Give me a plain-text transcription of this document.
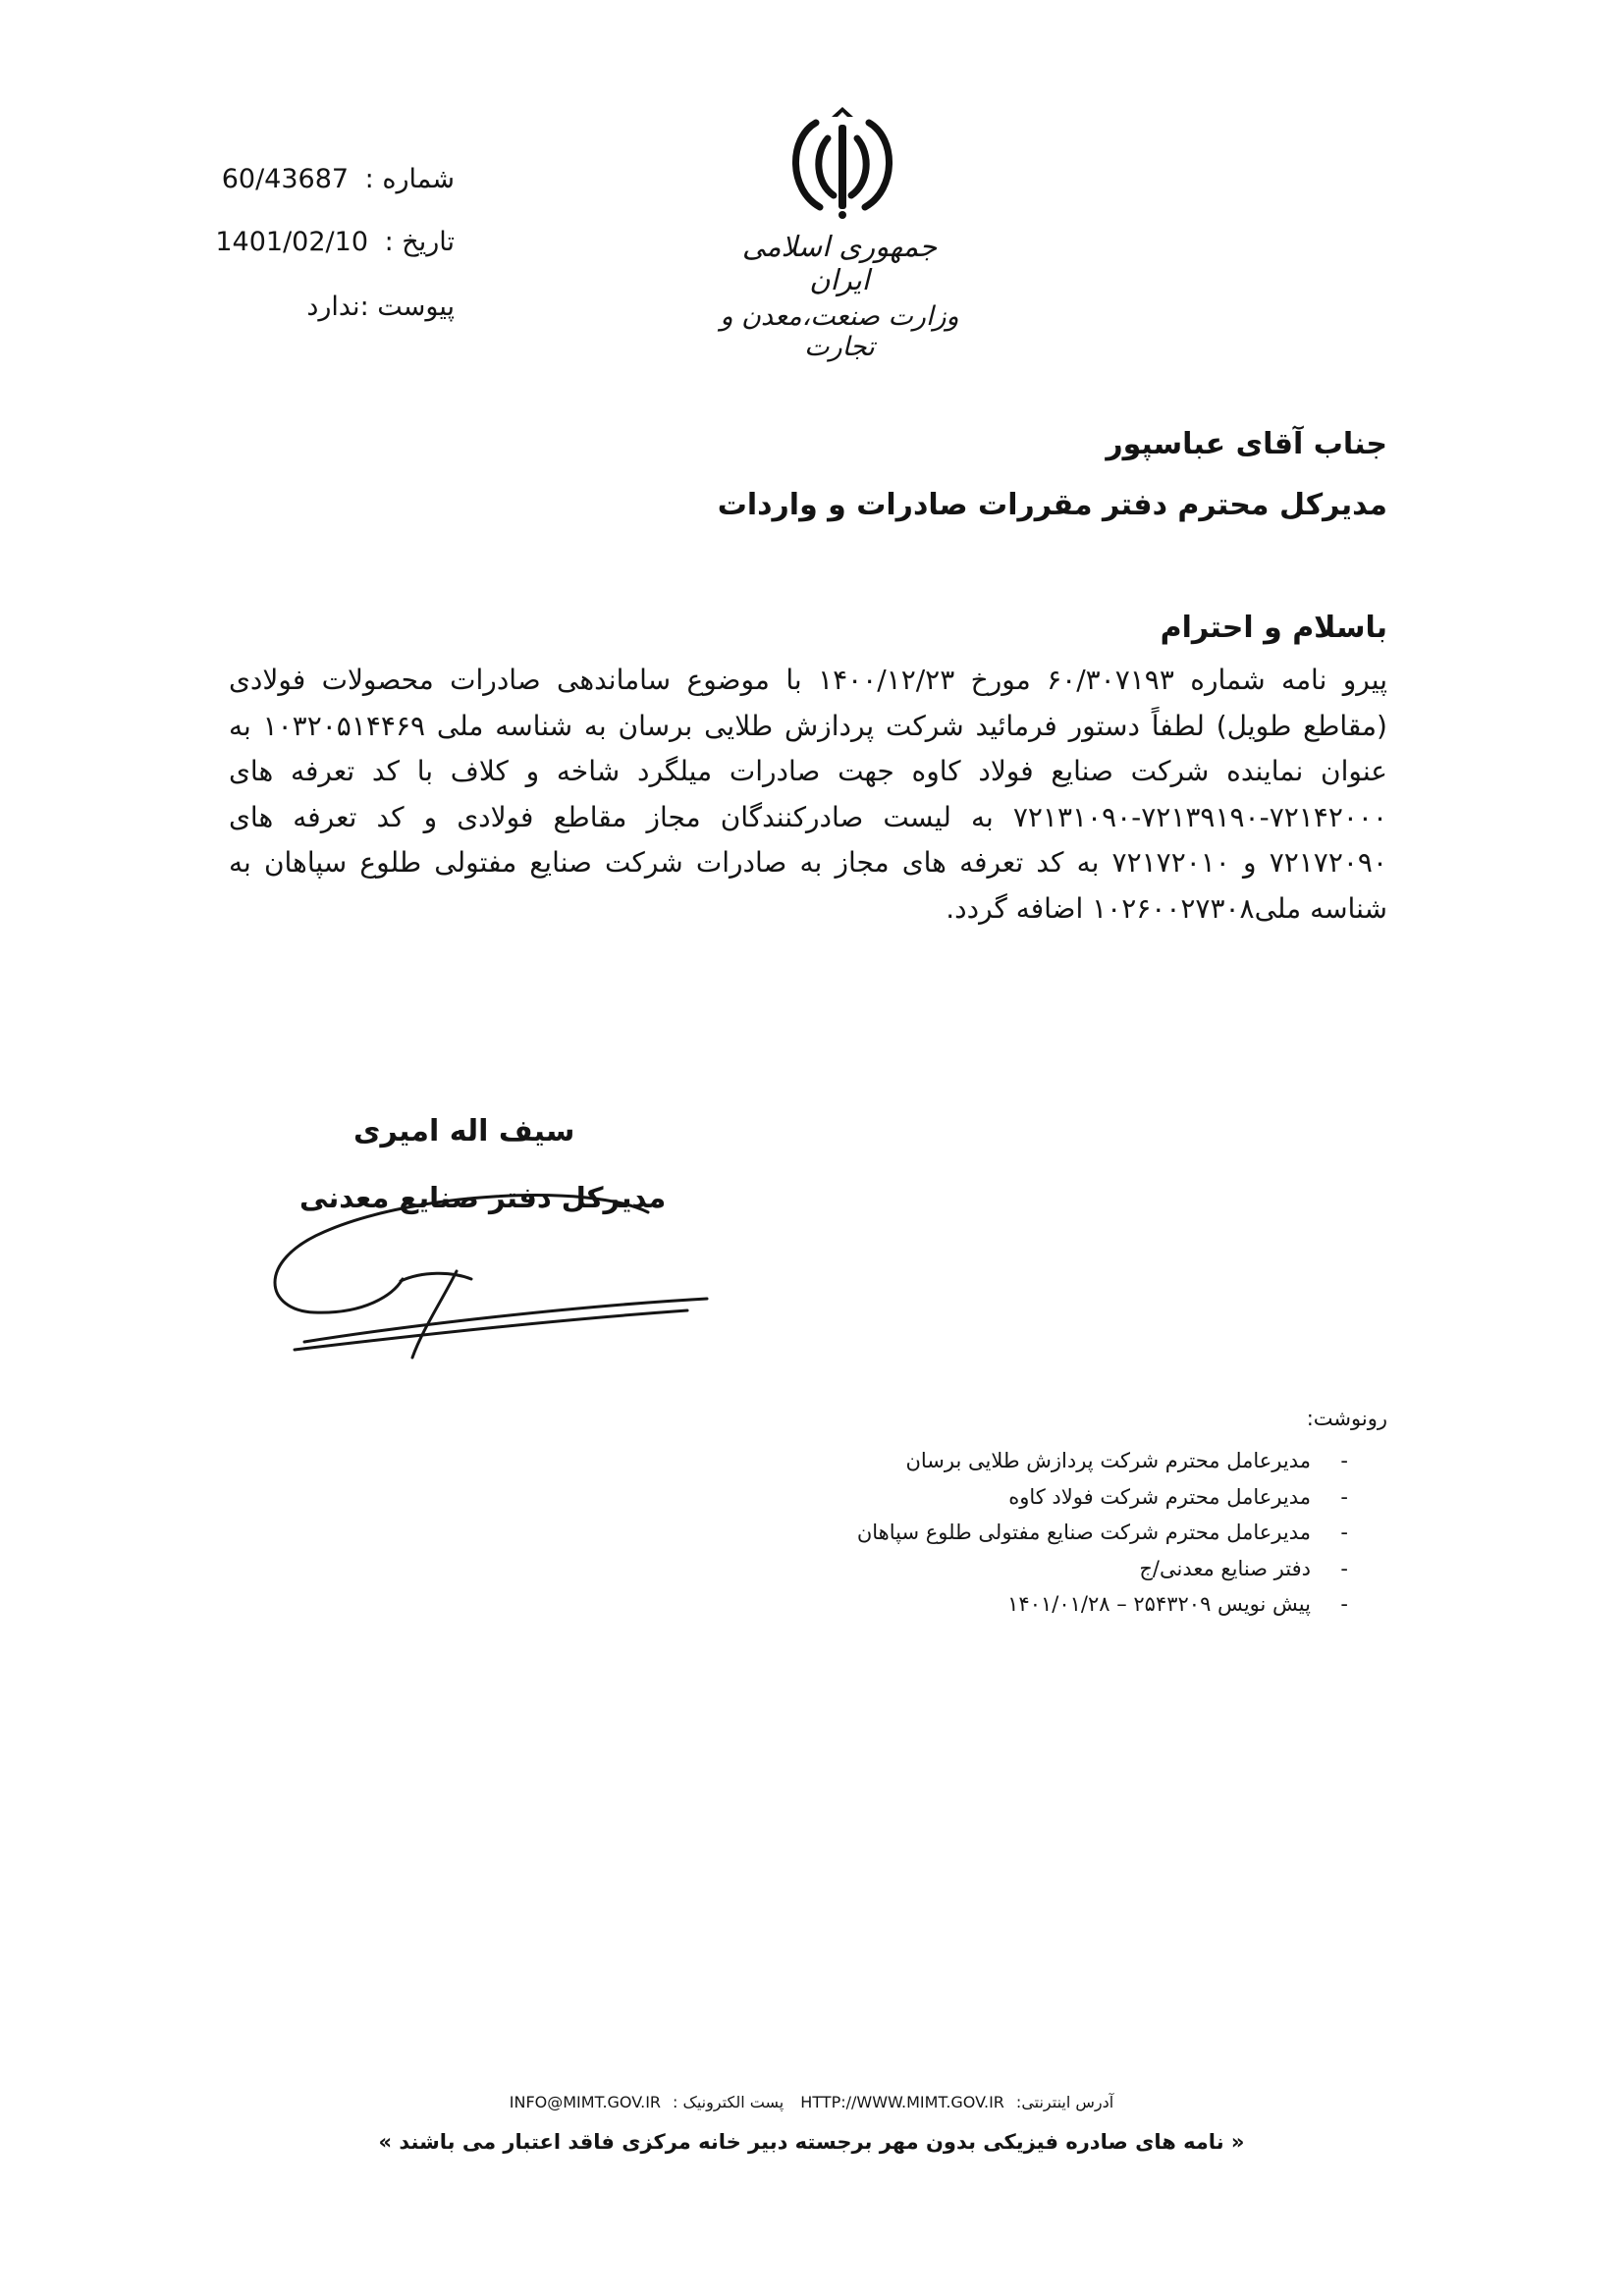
شماره : 60/43687
تاریخ : 1401/02/10
پیوست :ندارد
جمهوری اسلامی ایران
وزارت صنعت،معدن و تجارت
جناب آقای عباسپور
مدیرکل محترم دفتر مقررات صادرات و واردات
باسلام و احترام
پیرو نامه شماره ۶۰/۳۰۷۱۹۳ مورخ ۱۴۰۰/۱۲/۲۳ با موضوع ساماندهی صادرات محصولات فولادی (مقاطع طویل) لطفاً دستور فرمائید شرکت پردازش طلایی برسان به شناسه ملی ۱۰۳۲۰۵۱۴۴۶۹ به عنوان نماینده شرکت صنایع فولاد کاوه جهت صادرات میلگرد شاخه و کلاف با کد تعرفه های ۷۲۱۴۲۰۰۰-۷۲۱۳۹۱۹۰-۷۲۱۳۱۰۹۰ به لیست صادرکنندگان مجاز مقاطع فولادی و کد تعرفه های ۷۲۱۷۲۰۹۰ و ۷۲۱۷۲۰۱۰ به کد تعرفه های مجاز به صادرات شرکت صنایع مفتولی طلوع سپاهان به شناسه ملی۱۰۲۶۰۰۲۷۳۰۸ اضافه گردد.
سیف اله امیری
مدیرکل دفتر صنایع معدنی
رونوشت:
-
مدیرعامل محترم شرکت پردازش طلایی برسان
-
مدیرعامل محترم شرکت فولاد کاوه
-
مدیرعامل محترم شرکت صنایع مفتولی طلوع سپاهان
-
دفتر صنایع معدنی/ج
-
پیش نویس ۲۵۴۳۲۰۹ – ۱۴۰۱/۰۱/۲۸
آدرس اینترنتی:HTTP://WWW.MIMT.GOV.IR پست الکترونیک :INFO@MIMT.GOV.IR
« نامه های صادره فیزیکی بدون مهر برجسته دبیر خانه مرکزی فاقد اعتبار می باشند »
